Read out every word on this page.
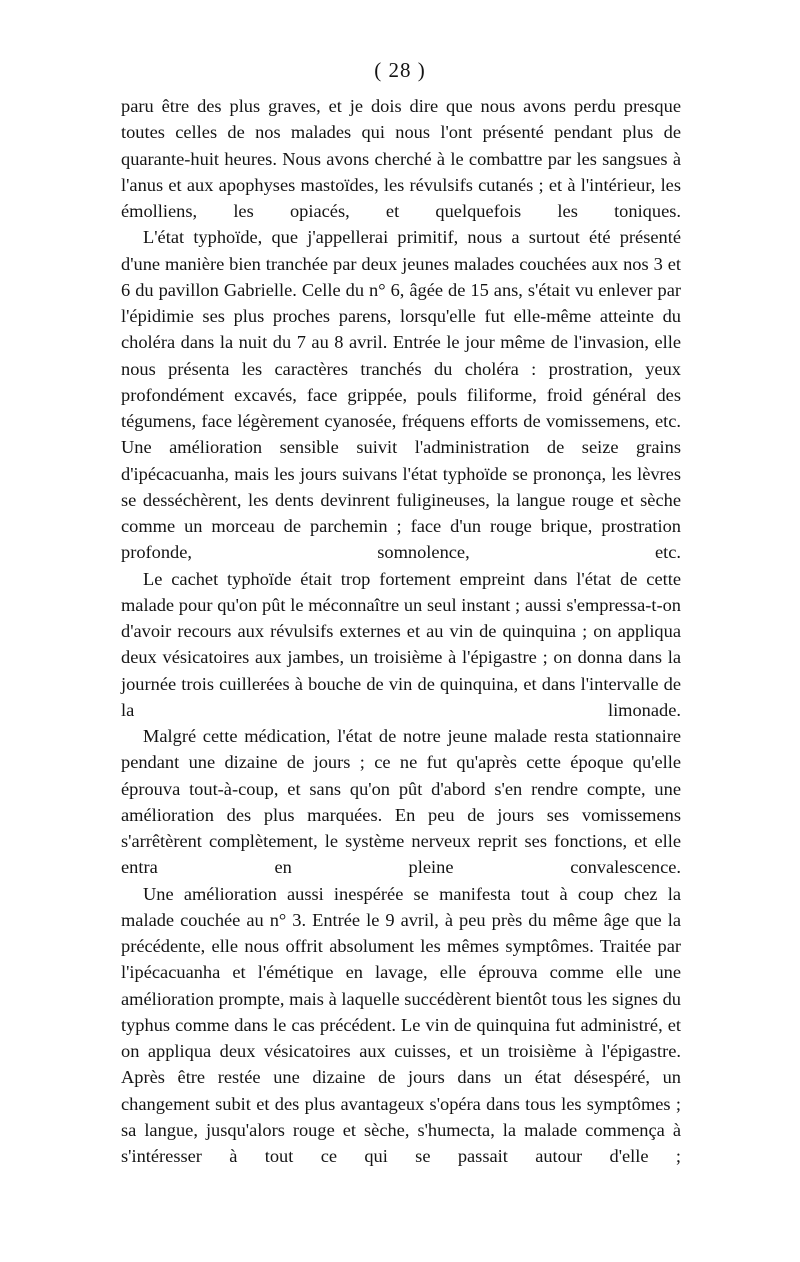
( 28 )

paru être des plus graves, et je dois dire que nous avons perdu presque toutes celles de nos malades qui nous l'ont présenté pendant plus de quarante-huit heures. Nous avons cherché à le combattre par les sangsues à l'anus et aux apophyses mastoïdes, les révulsifs cutanés ; et à l'intérieur, les émolliens, les opiacés, et quelquefois les toniques.

L'état typhoïde, que j'appellerai primitif, nous a surtout été présenté d'une manière bien tranchée par deux jeunes malades couchées aux nos 3 et 6 du pavillon Gabrielle. Celle du n° 6, âgée de 15 ans, s'était vu enlever par l'épidimie ses plus proches parens, lorsqu'elle fut elle-même atteinte du choléra dans la nuit du 7 au 8 avril. Entrée le jour même de l'invasion, elle nous présenta les caractères tranchés du choléra : prostration, yeux profondément excavés, face grippée, pouls filiforme, froid général des tégumens, face légèrement cyanosée, fréquens efforts de vomissemens, etc. Une amélioration sensible suivit l'administration de seize grains d'ipécacuanha, mais les jours suivans l'état typhoïde se prononça, les lèvres se desséchèrent, les dents devinrent fuligineuses, la langue rouge et sèche comme un morceau de parchemin ; face d'un rouge brique, prostration profonde, somnolence, etc.

Le cachet typhoïde était trop fortement empreint dans l'état de cette malade pour qu'on pût le méconnaître un seul instant ; aussi s'empressa-t-on d'avoir recours aux révulsifs externes et au vin de quinquina ; on appliqua deux vésicatoires aux jambes, un troisième à l'épigastre ; on donna dans la journée trois cuillerées à bouche de vin de quinquina, et dans l'intervalle de la limonade.

Malgré cette médication, l'état de notre jeune malade resta stationnaire pendant une dizaine de jours ; ce ne fut qu'après cette époque qu'elle éprouva tout-à-coup, et sans qu'on pût d'abord s'en rendre compte, une amélioration des plus marquées. En peu de jours ses vomissemens s'arrêtèrent complètement, le système nerveux reprit ses fonctions, et elle entra en pleine convalescence.

Une amélioration aussi inespérée se manifesta tout à coup chez la malade couchée au n° 3. Entrée le 9 avril, à peu près du même âge que la précédente, elle nous offrit absolument les mêmes symptômes. Traitée par l'ipécacuanha et l'émétique en lavage, elle éprouva comme elle une amélioration prompte, mais à laquelle succédèrent bientôt tous les signes du typhus comme dans le cas précédent. Le vin de quinquina fut administré, et on appliqua deux vésicatoires aux cuisses, et un troisième à l'épigastre. Après être restée une dizaine de jours dans un état désespéré, un changement subit et des plus avantageux s'opéra dans tous les symptômes ; sa langue, jusqu'alors rouge et sèche, s'humecta, la malade commença à s'intéresser à tout ce qui se passait autour d'elle ;
